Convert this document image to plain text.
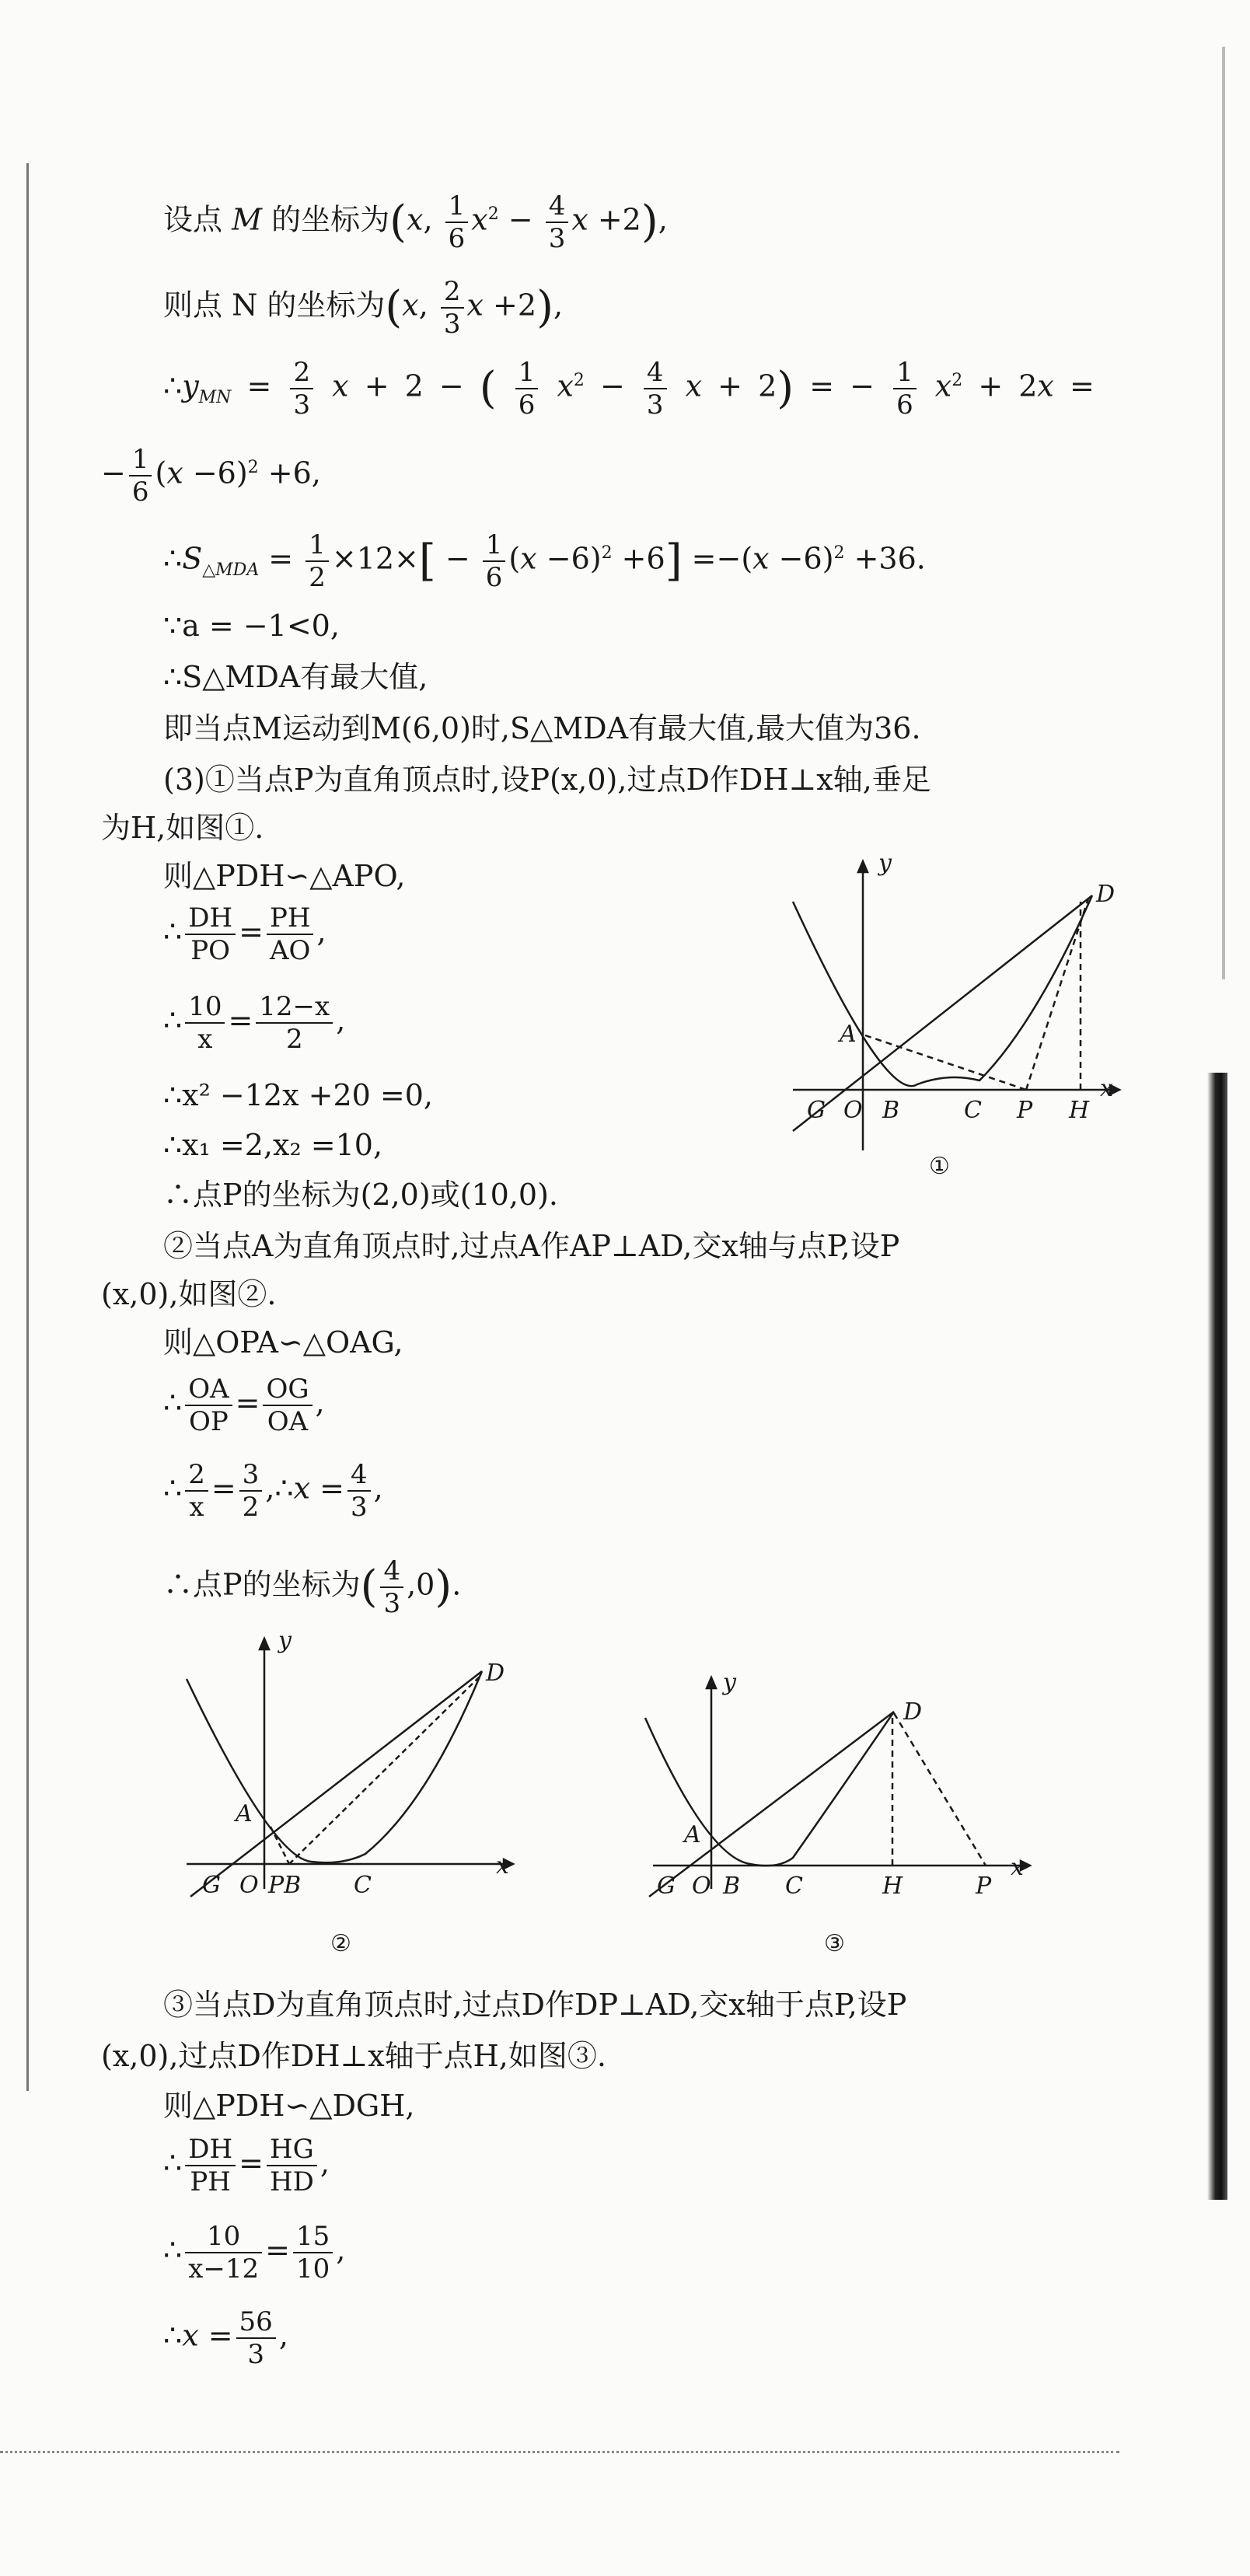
设点 M 的坐标为(x, $\frac{1}{6} x^2 - \frac{4}{3}$ x +2),
则点 N 的坐标为(x, $\frac{2}{3}$ x +2),
$\therefore y_{MN} = \frac{2}{3}$ x + 2 − ( $\frac{1}{6} x^2 - \frac{4}{3}$ x + 2) = − $\frac{1}{6} x^2 + 2x$ =
− $\frac{1}{6} (x -6)^2 +6$,
$\therefore S_{\triangle MDA} = \frac{1}{2} \times 12\times[ - \frac{1}{6} (x -6)^2 +6] =-(x -6)^2 +36$.
∵a = −1<0,
∴S△MDA有最大值,
即当点M运动到M(6,0)时,S△MDA有最大值,最大值为36.
(3)①当点P为直角顶点时,设P(x,0),过点D作DH⊥x轴,垂足
为H,如图①.
则△PDH∽△APO,
∴ $\frac{DH}{PO} = \frac{PH}{AO}$ ,
∴ $\frac{10}{x} = \frac{12-x}{2}$ ,
∴x² −12x +20 =0,
∴x₁ =2,x₂ =10,
∴点P的坐标为(2,0)或(10,0).
②当点A为直角顶点时,过点A作AP⊥AD,交x轴与点P,设P
(x,0),如图②.
则△OPA∽△OAG,
∴ $\frac{OA}{OP} = \frac{OG}{OA}$ ,
∴ $\frac{2}{x} = \frac{3}{2}$ ,∴x = $\frac{4}{3}$ ,
∴点P的坐标为( $\frac{4}{3} ,0$).
③当点D为直角顶点时,过点D作DP⊥AD,交x轴于点P,设P
(x,0),过点D作DH⊥x轴于点H,如图③.
则△PDH∽△DGH,
∴ $\frac{DH}{PH} = \frac{HG}{HD}$ ,
∴ $\frac{10}{x-12} = \frac{15}{10}$ ,
∴x = $\frac{56}{3}$ ,
y
D
A
G O B	C P H
x
①
y
D
A
G O PB C
x
②
y
D
A
G O B C	H	P
x
③
